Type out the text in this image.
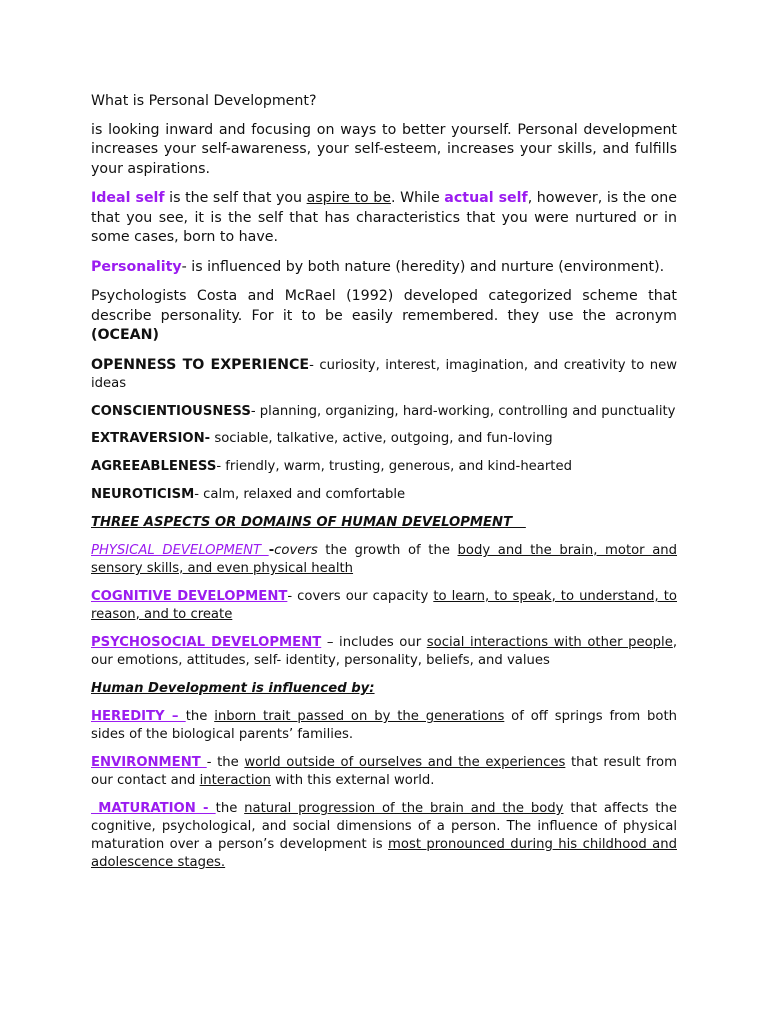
What is Personal Development?

is looking inward and focusing on ways to better yourself. Personal development increases your self-awareness, your self-esteem, increases your skills, and fulfills your aspirations.

Ideal self is the self that you aspire to be. While actual self, however, is the one that you see, it is the self that has characteristics that you were nurtured or in some cases, born to have.

Personality- is influenced by both nature (heredity) and nurture (environment).

Psychologists Costa and McRael (1992) developed categorized scheme that describe personality. For it to be easily remembered. they use the acronym (OCEAN)

OPENNESS TO EXPERIENCE- curiosity, interest, imagination, and creativity to new ideas

CONSCIENTIOUSNESS- planning, organizing, hard-working, controlling and punctuality

EXTRAVERSION- sociable, talkative, active, outgoing, and fun-loving

AGREEABLENESS- friendly, warm, trusting, generous, and kind-hearted

NEUROTICISM- calm, relaxed and comfortable

THREE ASPECTS OR DOMAINS OF HUMAN DEVELOPMENT

PHYSICAL DEVELOPMENT -covers the growth of the body and the brain, motor and sensory skills, and even physical health

COGNITIVE DEVELOPMENT- covers our capacity to learn, to speak, to understand, to reason, and to create

PSYCHOSOCIAL DEVELOPMENT – includes our social interactions with other people, our emotions, attitudes, self- identity, personality, beliefs, and values

Human Development is influenced by:

HEREDITY – the inborn trait passed on by the generations of off springs from both sides of the biological parents’ families.

ENVIRONMENT - the world outside of ourselves and the experiences that result from our contact and interaction with this external world.

MATURATION - the natural progression of the brain and the body that affects the cognitive, psychological, and social dimensions of a person. The influence of physical maturation over a person’s development is most pronounced during his childhood and adolescence stages.
